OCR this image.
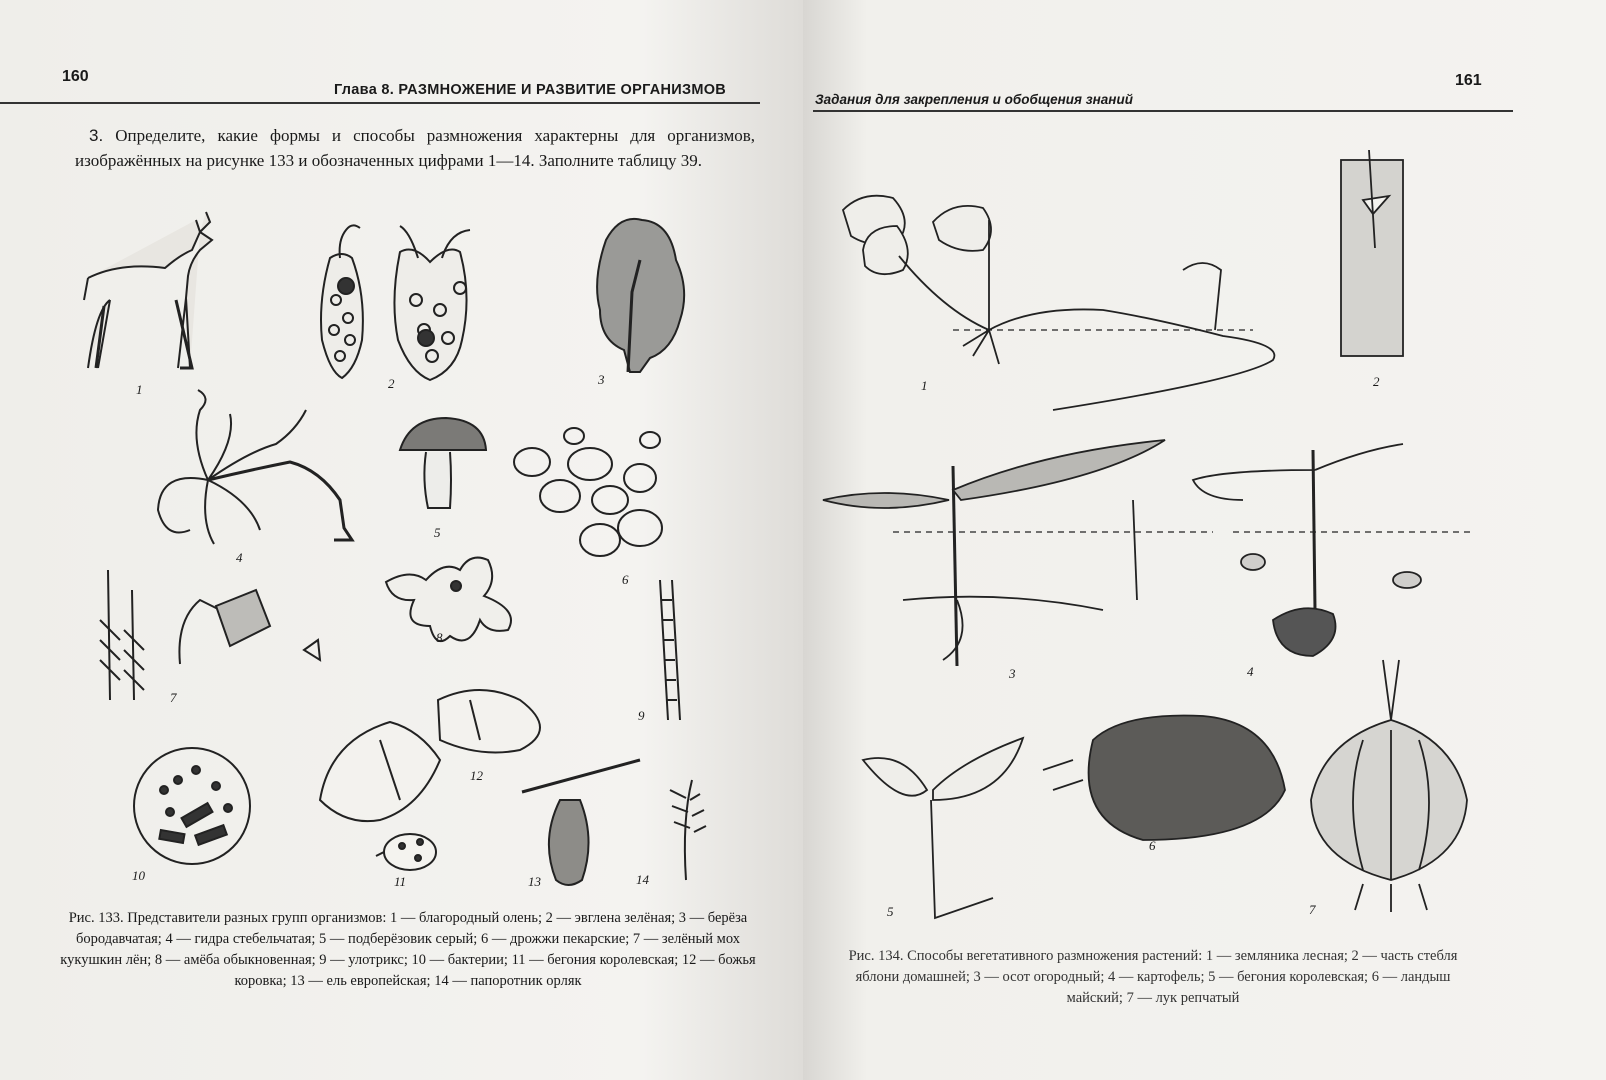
160
Глава 8. РАЗМНОЖЕНИЕ И РАЗВИТИЕ ОРГАНИЗМОВ
3. Определите, какие формы и способы размножения характерны для организмов, изображённых на рисунке 133 и обозначенных цифрами 1—14. Заполните таблицу 39.
1	2	3
4
5
6
7
8
9
10	11
12
13	14
Рис. 133. Представители разных групп организмов: 1 — благородный олень; 2 — эвглена зелёная; 3 — берёза бородавчатая; 4 — гидра стебельчатая; 5 — подберёзовик серый; 6 — дрожжи пекарские; 7 — зелёный мох кукушкин лён; 8 — амёба обыкновенная; 9 — улотрикс; 10 — бактерии; 11 — бегония королевская; 12 — божья коровка; 13 — ель европейская; 14 — папоротник орляк
Задания для закрепления и обобщения знаний
161
1	2
3	4
5
6
7
Рис. 134. Способы вегетативного размножения растений: 1 — земляника лесная; 2 — часть стебля яблони домашней; 3 — осот огородный; 4 — картофель; 5 — бегония королевская; 6 — ландыш майский; 7 — лук репчатый
